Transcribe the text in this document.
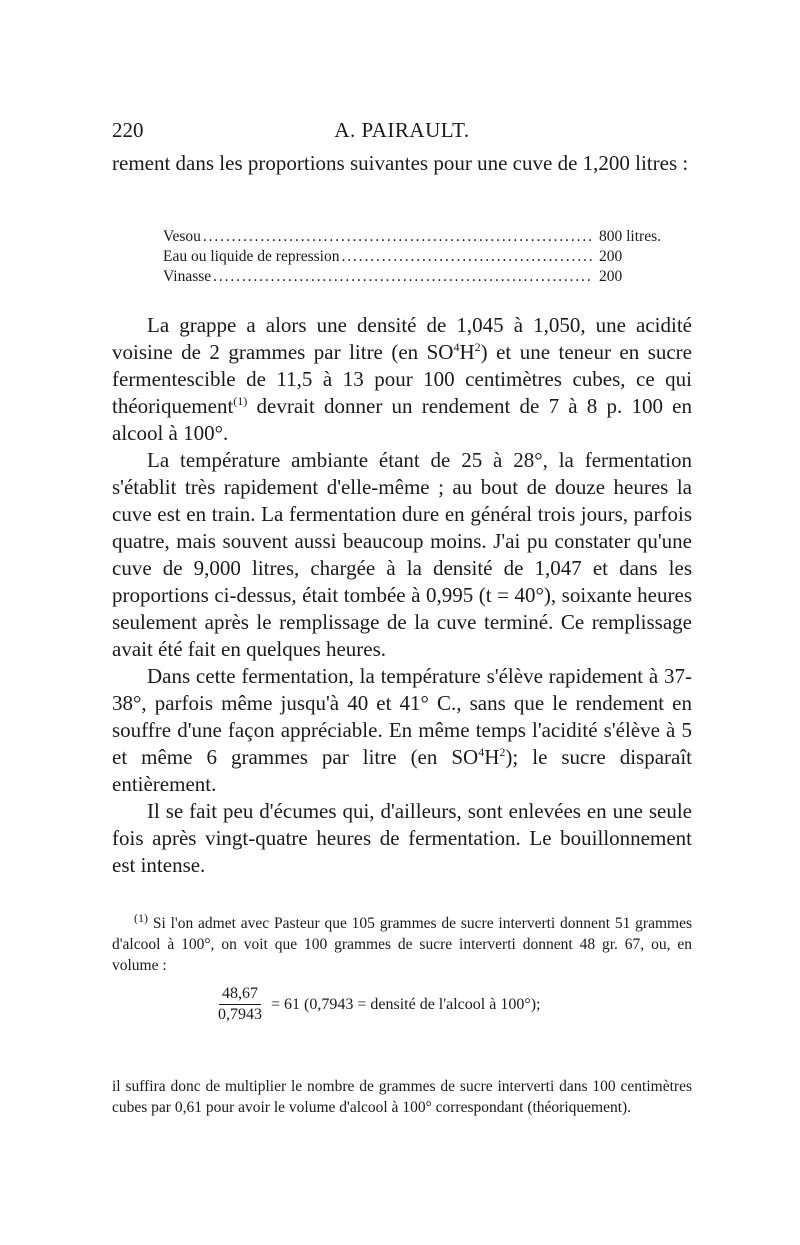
220	A. PAIRAULT.

rement dans les proportions suivantes pour une cuve de 1,200 litres :

Vesou . . .	800 litres.
Eau ou liquide de repression . . .	200
Vinasse . . .	200

La grappe a alors une densité de 1,045 à 1,050, une acidité voisine de 2 grammes par litre (en $SO^4H^2$) et une teneur en sucre fermentescible de 11,5 à 13 pour 100 centimètres cubes, ce qui théoriquement$^{(1)}$ devrait donner un rendement de 7 à 8 p. 100 en alcool à 100°.

La température ambiante étant de 25 à 28°, la fermentation s'établit très rapidement d'elle-même ; au bout de douze heures la cuve est en train. La fermentation dure en général trois jours, parfois quatre, mais souvent aussi beaucoup moins. J'ai pu constater qu'une cuve de 9,000 litres, chargée à la densité de 1,047 et dans les proportions ci-dessus, était tombée à 0,995 (t = 40°), soixante heures seulement après le remplissage de la cuve terminé. Ce remplissage avait été fait en quelques heures.

Dans cette fermentation, la température s'élève rapidement à 37-38°, parfois même jusqu'à 40 et 41° C., sans que le rendement en souffre d'une façon appréciable. En même temps l'acidité s'élève à 5 et même 6 grammes par litre (en $SO^4H^2$); le sucre disparaît entièrement.

Il se fait peu d'écumes qui, d'ailleurs, sont enlevées en une seule fois après vingt-quatre heures de fermentation. Le bouillonnement est intense.

$^{(1)}$ Si l'on admet avec Pasteur que 105 grammes de sucre interverti donnent 51 grammes d'alcool à 100°, on voit que 100 grammes de sucre interverti donnent 48 gr. 67, ou, en volume :

$\frac{48,67}{0,7943} = 61$ (0,7943 = densité de l'alcool à 100°);

il suffira donc de multiplier le nombre de grammes de sucre interverti dans 100 centimètres cubes par 0,61 pour avoir le volume d'alcool à 100° correspondant (théoriquement).
